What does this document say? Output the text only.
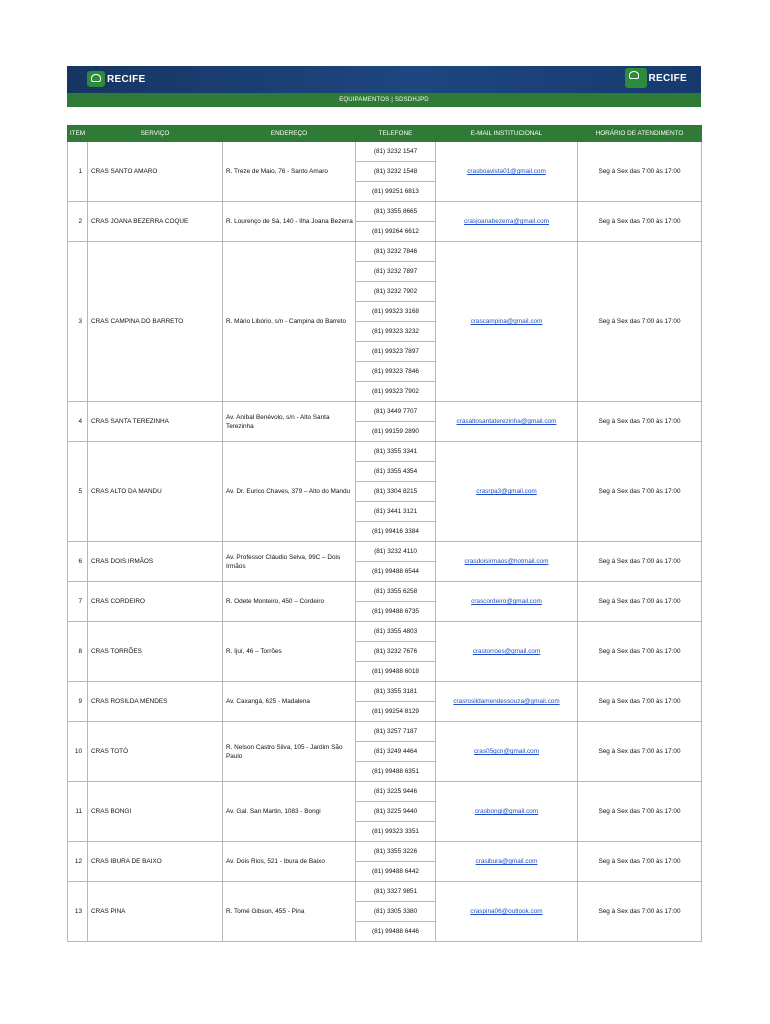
RECIFE	RECIFE
EQUIPAMENTOS | SDSDHJPD
ITEM	SERVIÇO	ENDEREÇO	TELEFONE	E-MAIL INSTITUCIONAL	HORÁRIO DE ATENDIMENTO
1	CRAS SANTO AMARO	R. Treze de Maio, 76 - Santo Amaro	(81) 3232 1547	crasboavista01@gmail.com	Seg à Sex das 7:00 às 17:00
			(81) 3232 1548		
			(81) 99251 6813		
2	CRAS JOANA BEZERRA COQUE	R. Lourenço de Sá, 140 - Ilha Joana Bezerra	(81) 3355 8665	crasjoanabezerra@gmail.com	Seg à Sex das 7:00 às 17:00
			(81) 99264 6612		
3	CRAS CAMPINA DO BARRETO	R. Mário Libório, s/n - Campina do Barreto	(81) 3232 7846	crascampina@gmail.com	Seg à Sex das 7:00 às 17:00
			(81) 3232 7897		
			(81) 3232 7902		
			(81) 99323 3168		
			(81) 99323 3232		
			(81) 99323 7897		
			(81) 99323 7846		
			(81) 99323 7902		
4	CRAS SANTA TEREZINHA	Av. Aníbal Benévolo, s/n - Alto Santa Terezinha	(81) 3449 7707	crasaltosantaterezinha@gmail.com	Seg à Sex das 7:00 às 17:00
			(81) 99159 2890		
5	CRAS ALTO DA MANDU	Av. Dr. Eurico Chaves, 379 – Alto do Mandu	(81) 3355 3341	crasrpa3@gmail.com	Seg à Sex das 7:00 às 17:00
			(81) 3355 4354		
			(81) 3304 8215		
			(81) 3441 3121		
			(81) 99416 3384		
6	CRAS DOIS IRMÃOS	Av. Professor Cláudio Selva, 99C – Dois Irmãos	(81) 3232 4110	crasdoisirmaos@hotmail.com	Seg à Sex das 7:00 às 17:00
			(81) 99488 6544		
7	CRAS CORDEIRO	R. Odete Monteiro, 450 – Cordeiro	(81) 3355 6258	crascordeiro@gmail.com	Seg à Sex das 7:00 às 17:00
			(81) 99488 6735		
8	CRAS TORRÕES	R. Ijuí, 46 – Torrões	(81) 3355 4803	crastorroes@gmail.com	Seg à Sex das 7:00 às 17:00
			(81) 3232 7676		
			(81) 99488 6018		
9	CRAS ROSILDA MENDES	Av. Caxangá, 625 - Madalena	(81) 3355 3181	crasrosildamendessouza@gmail.com	Seg à Sex das 7:00 às 17:00
			(81) 99254 8129		
10	CRAS TOTÓ	R. Nelson Castro Silva, 105 - Jardim São Paulo	(81) 3257 7187	cras05gcn@gmail.com	Seg à Sex das 7:00 às 17:00
			(81) 3249 4464		
			(81) 99488 6351		
11	CRAS BONGI	Av. Gal. San Martin, 1083 - Bongi	(81) 3225 9446	crasbongi@gmail.com	Seg à Sex das 7:00 às 17:00
			(81) 3225 9440		
			(81) 99323 3351		
12	CRAS IBURA DE BAIXO	Av. Dois Rios, 521 - Ibura de Baixo	(81) 3355 3226	crasibura@gmail.com	Seg à Sex das 7:00 às 17:00
			(81) 99488 6442		
13	CRAS PINA	R. Tomé Gibson, 455 - Pina	(81) 3327 9851	craspina06@outlook.com	Seg à Sex das 7:00 às 17:00
			(81) 3305 3380		
			(81) 99488 6446		
